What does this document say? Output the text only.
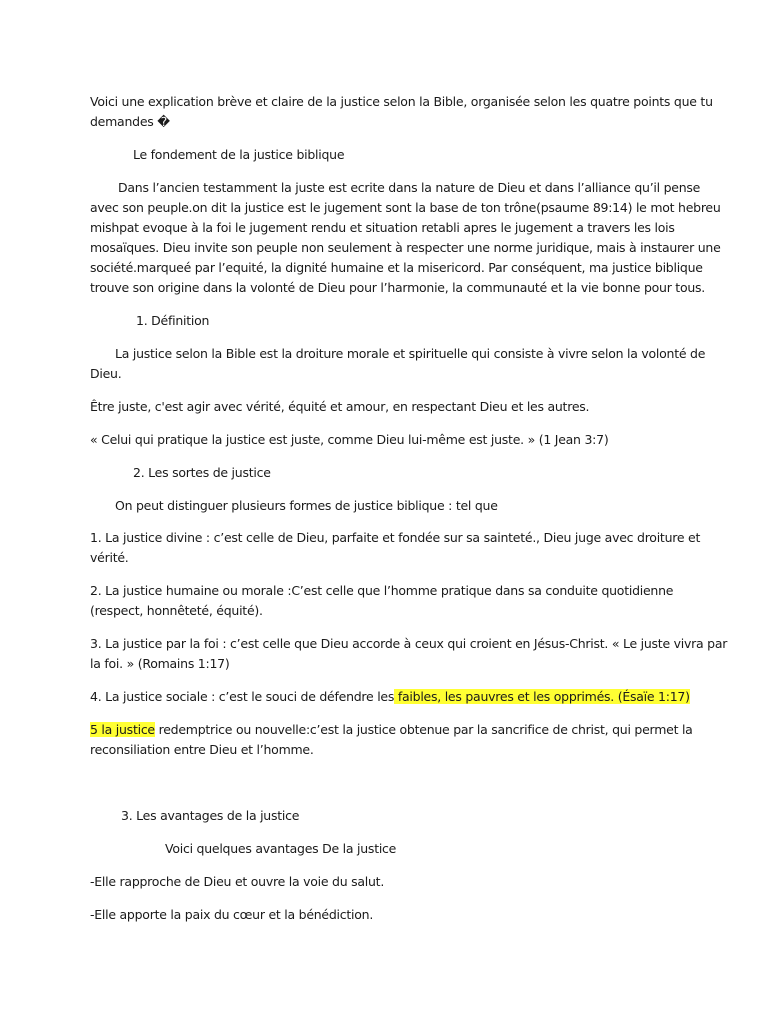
Voici une explication brève et claire de la justice selon la Bible, organisée selon les quatre points que tu
demandes �
Le fondement de la justice biblique
Dans l’ancien testamment la juste est ecrite dans la nature de Dieu et dans l’alliance qu’il pense
avec son peuple.on dit la justice est le jugement sont la base de ton trône(psaume 89:14) le mot hebreu
mishpat evoque à la foi le jugement rendu et situation retabli apres le jugement a travers les lois
mosaïques. Dieu invite son peuple non seulement à respecter une norme juridique, mais à instaurer une
société.marqueé par l’equité, la dignité humaine et la misericord. Par conséquent, ma justice biblique
trouve son origine dans la volonté de Dieu pour l’harmonie, la communauté et la vie bonne pour tous.
1. Définition
La justice selon la Bible est la droiture morale et spirituelle qui consiste à vivre selon la volonté de
Dieu.
Être juste, c'est agir avec vérité, équité et amour, en respectant Dieu et les autres.
« Celui qui pratique la justice est juste, comme Dieu lui-même est juste. » (1 Jean 3:7)
2. Les sortes de justice
On peut distinguer plusieurs formes de justice biblique : tel que
1. La justice divine : c’est celle de Dieu, parfaite et fondée sur sa sainteté., Dieu juge avec droiture et
vérité.
2. La justice humaine ou morale :C’est celle que l’homme pratique dans sa conduite quotidienne
(respect, honnêteté, équité).
3. La justice par la foi : c’est celle que Dieu accorde à ceux qui croient en Jésus-Christ. « Le juste vivra par
la foi. » (Romains 1:17)
4. La justice sociale : c’est le souci de défendre les faibles, les pauvres et les opprimés. (Ésaïe 1:17)
5 la justice redemptrice ou nouvelle:c’est la justice obtenue par la sancrifice de christ, qui permet la
reconsiliation entre Dieu et l’homme.
3. Les avantages de la justice
Voici quelques avantages De la justice
-Elle rapproche de Dieu et ouvre la voie du salut.
-Elle apporte la paix du cœur et la bénédiction.
